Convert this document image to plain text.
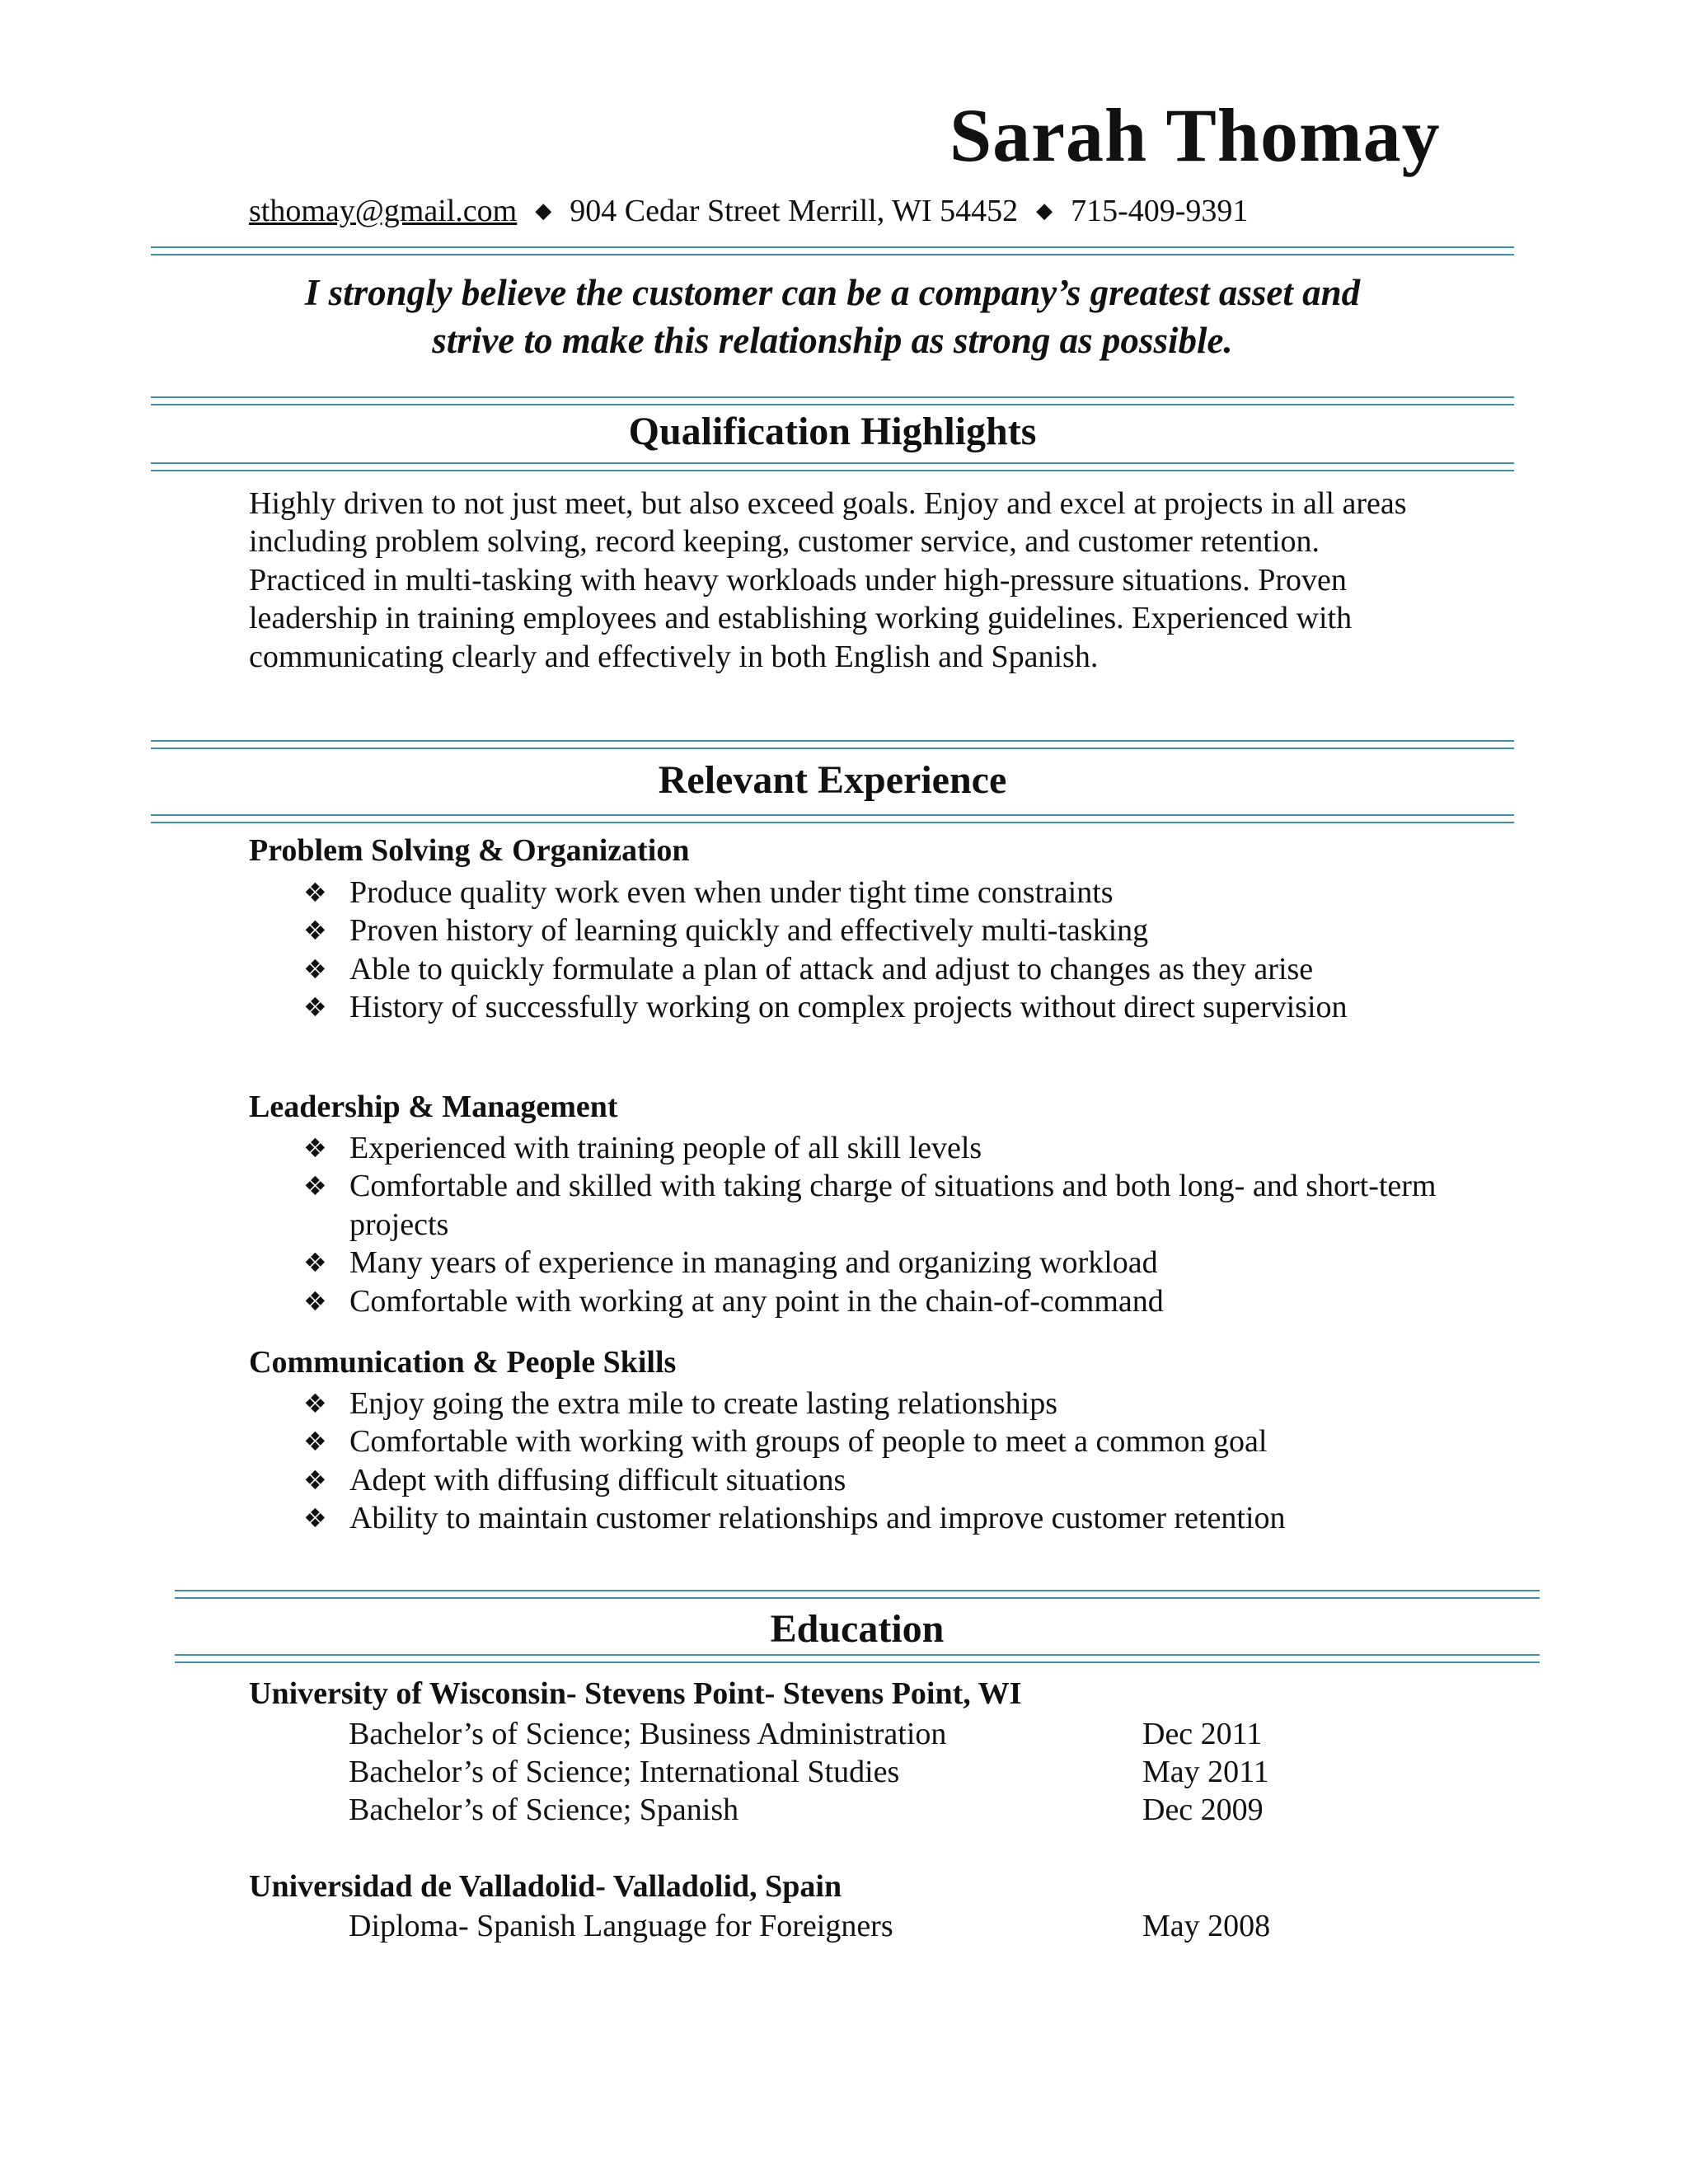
Sarah Thomay
sthomay@gmail.com ◆ 904 Cedar Street Merrill, WI 54452 ◆ 715-409-9391
I strongly believe the customer can be a company’s greatest asset and
strive to make this relationship as strong as possible.
Qualification Highlights
Highly driven to not just meet, but also exceed goals. Enjoy and excel at projects in all areas including problem solving, record keeping, customer service, and customer retention. Practiced in multi-tasking with heavy workloads under high-pressure situations. Proven leadership in training employees and establishing working guidelines. Experienced with communicating clearly and effectively in both English and Spanish.
Relevant Experience
Problem Solving & Organization
❖ Produce quality work even when under tight time constraints
❖ Proven history of learning quickly and effectively multi-tasking
❖ Able to quickly formulate a plan of attack and adjust to changes as they arise
❖ History of successfully working on complex projects without direct supervision
Leadership & Management
❖ Experienced with training people of all skill levels
❖ Comfortable and skilled with taking charge of situations and both long- and short-term projects
❖ Many years of experience in managing and organizing workload
❖ Comfortable with working at any point in the chain-of-command
Communication & People Skills
❖ Enjoy going the extra mile to create lasting relationships
❖ Comfortable with working with groups of people to meet a common goal
❖ Adept with diffusing difficult situations
❖ Ability to maintain customer relationships and improve customer retention
Education
University of Wisconsin- Stevens Point- Stevens Point, WI
Bachelor’s of Science; Business Administration	Dec 2011
Bachelor’s of Science; International Studies	May 2011
Bachelor’s of Science; Spanish	Dec 2009
Universidad de Valladolid- Valladolid, Spain
Diploma- Spanish Language for Foreigners	May 2008
